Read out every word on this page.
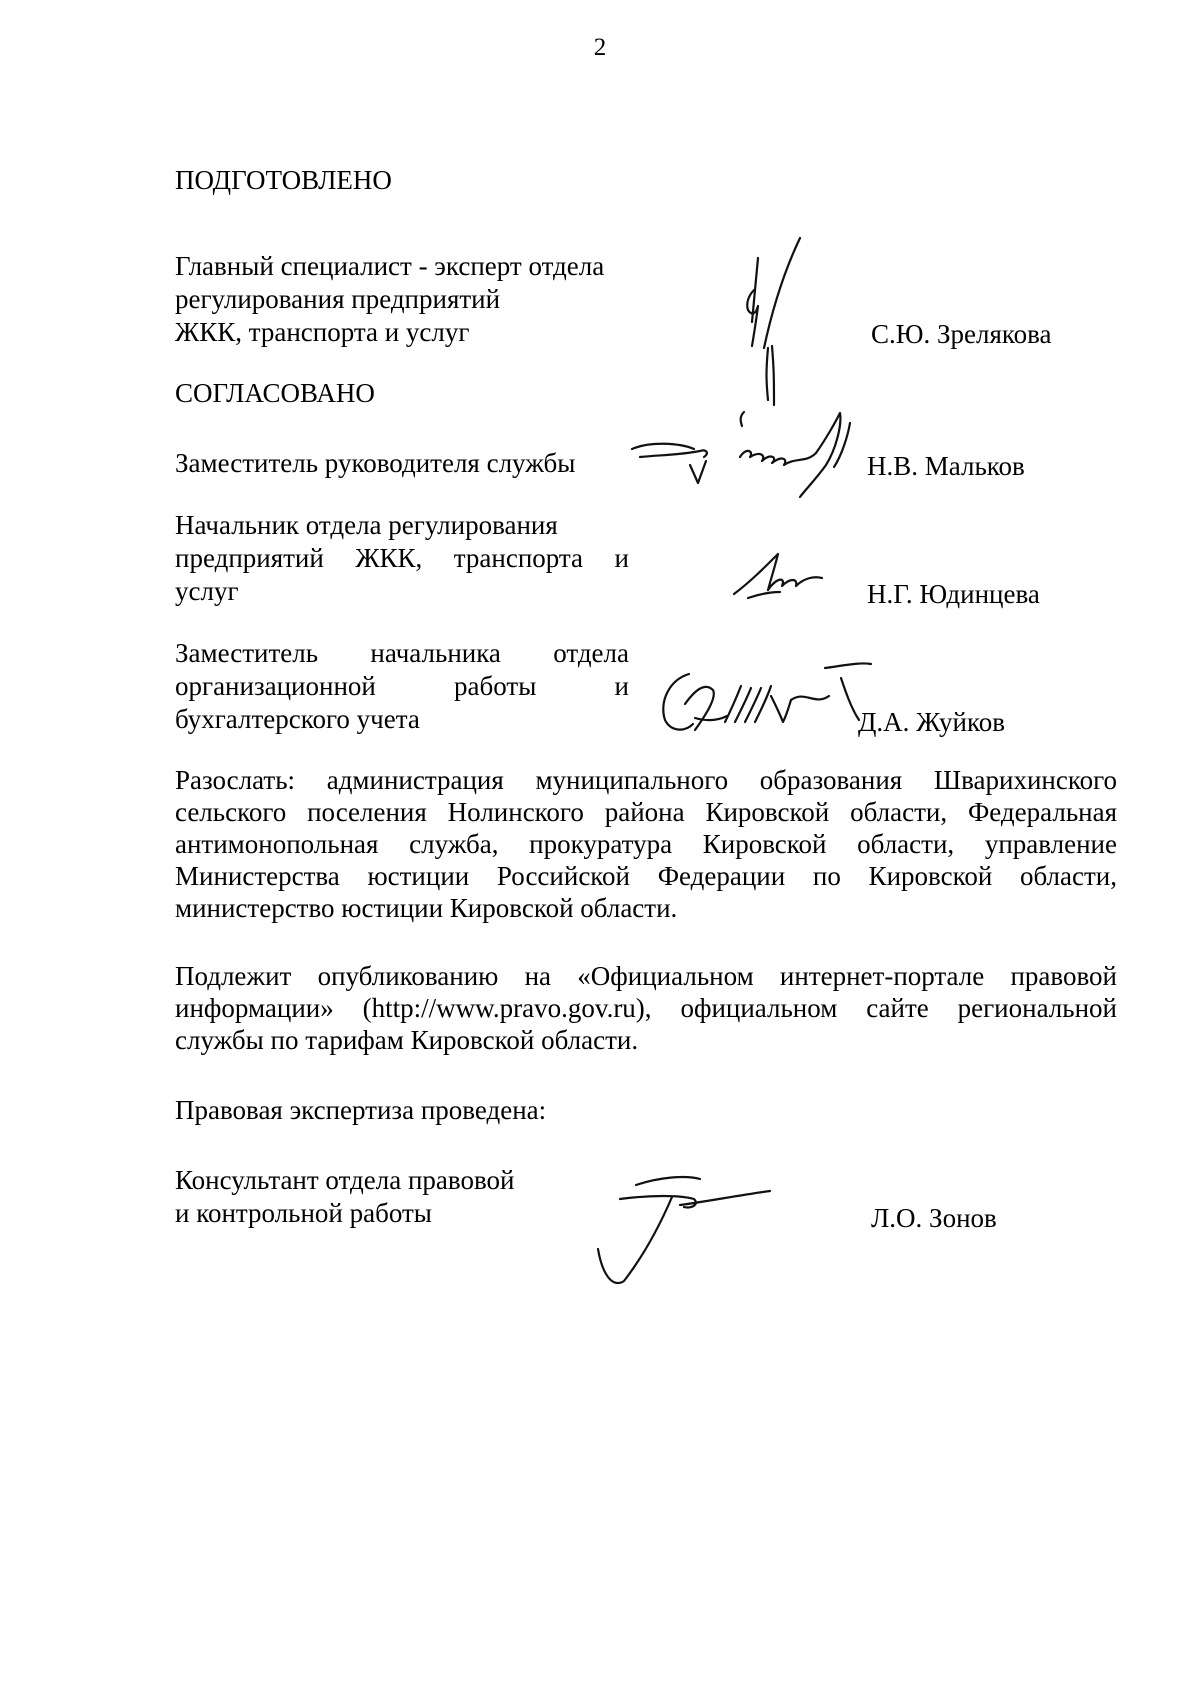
2
ПОДГОТОВЛЕНО
Главный специалист - эксперт отдела
регулирования предприятий
ЖКК, транспорта и услуг	С.Ю. Зрелякова
СОГЛАСОВАНО
Заместитель руководителя службы	Н.В. Мальков
Начальник отдела регулирования
предприятий ЖКК, транспорта и
услуг	Н.Г. Юдинцева
Заместитель начальника отдела
организационной работы и
бухгалтерского учета	Д.А. Жуйков
Разослать: администрация муниципального образования Шварихинского
сельского поселения Нолинского района Кировской области, Федеральная
антимонопольная служба, прокуратура Кировской области, управление
Министерства юстиции Российской Федерации по Кировской области,
министерство юстиции Кировской области.
Подлежит опубликованию на «Официальном интернет-портале правовой
информации» (http://www.pravo.gov.ru), официальном сайте региональной
службы по тарифам Кировской области.
Правовая экспертиза проведена:
Консультант отдела правовой
и контрольной работы	Л.О. Зонов
